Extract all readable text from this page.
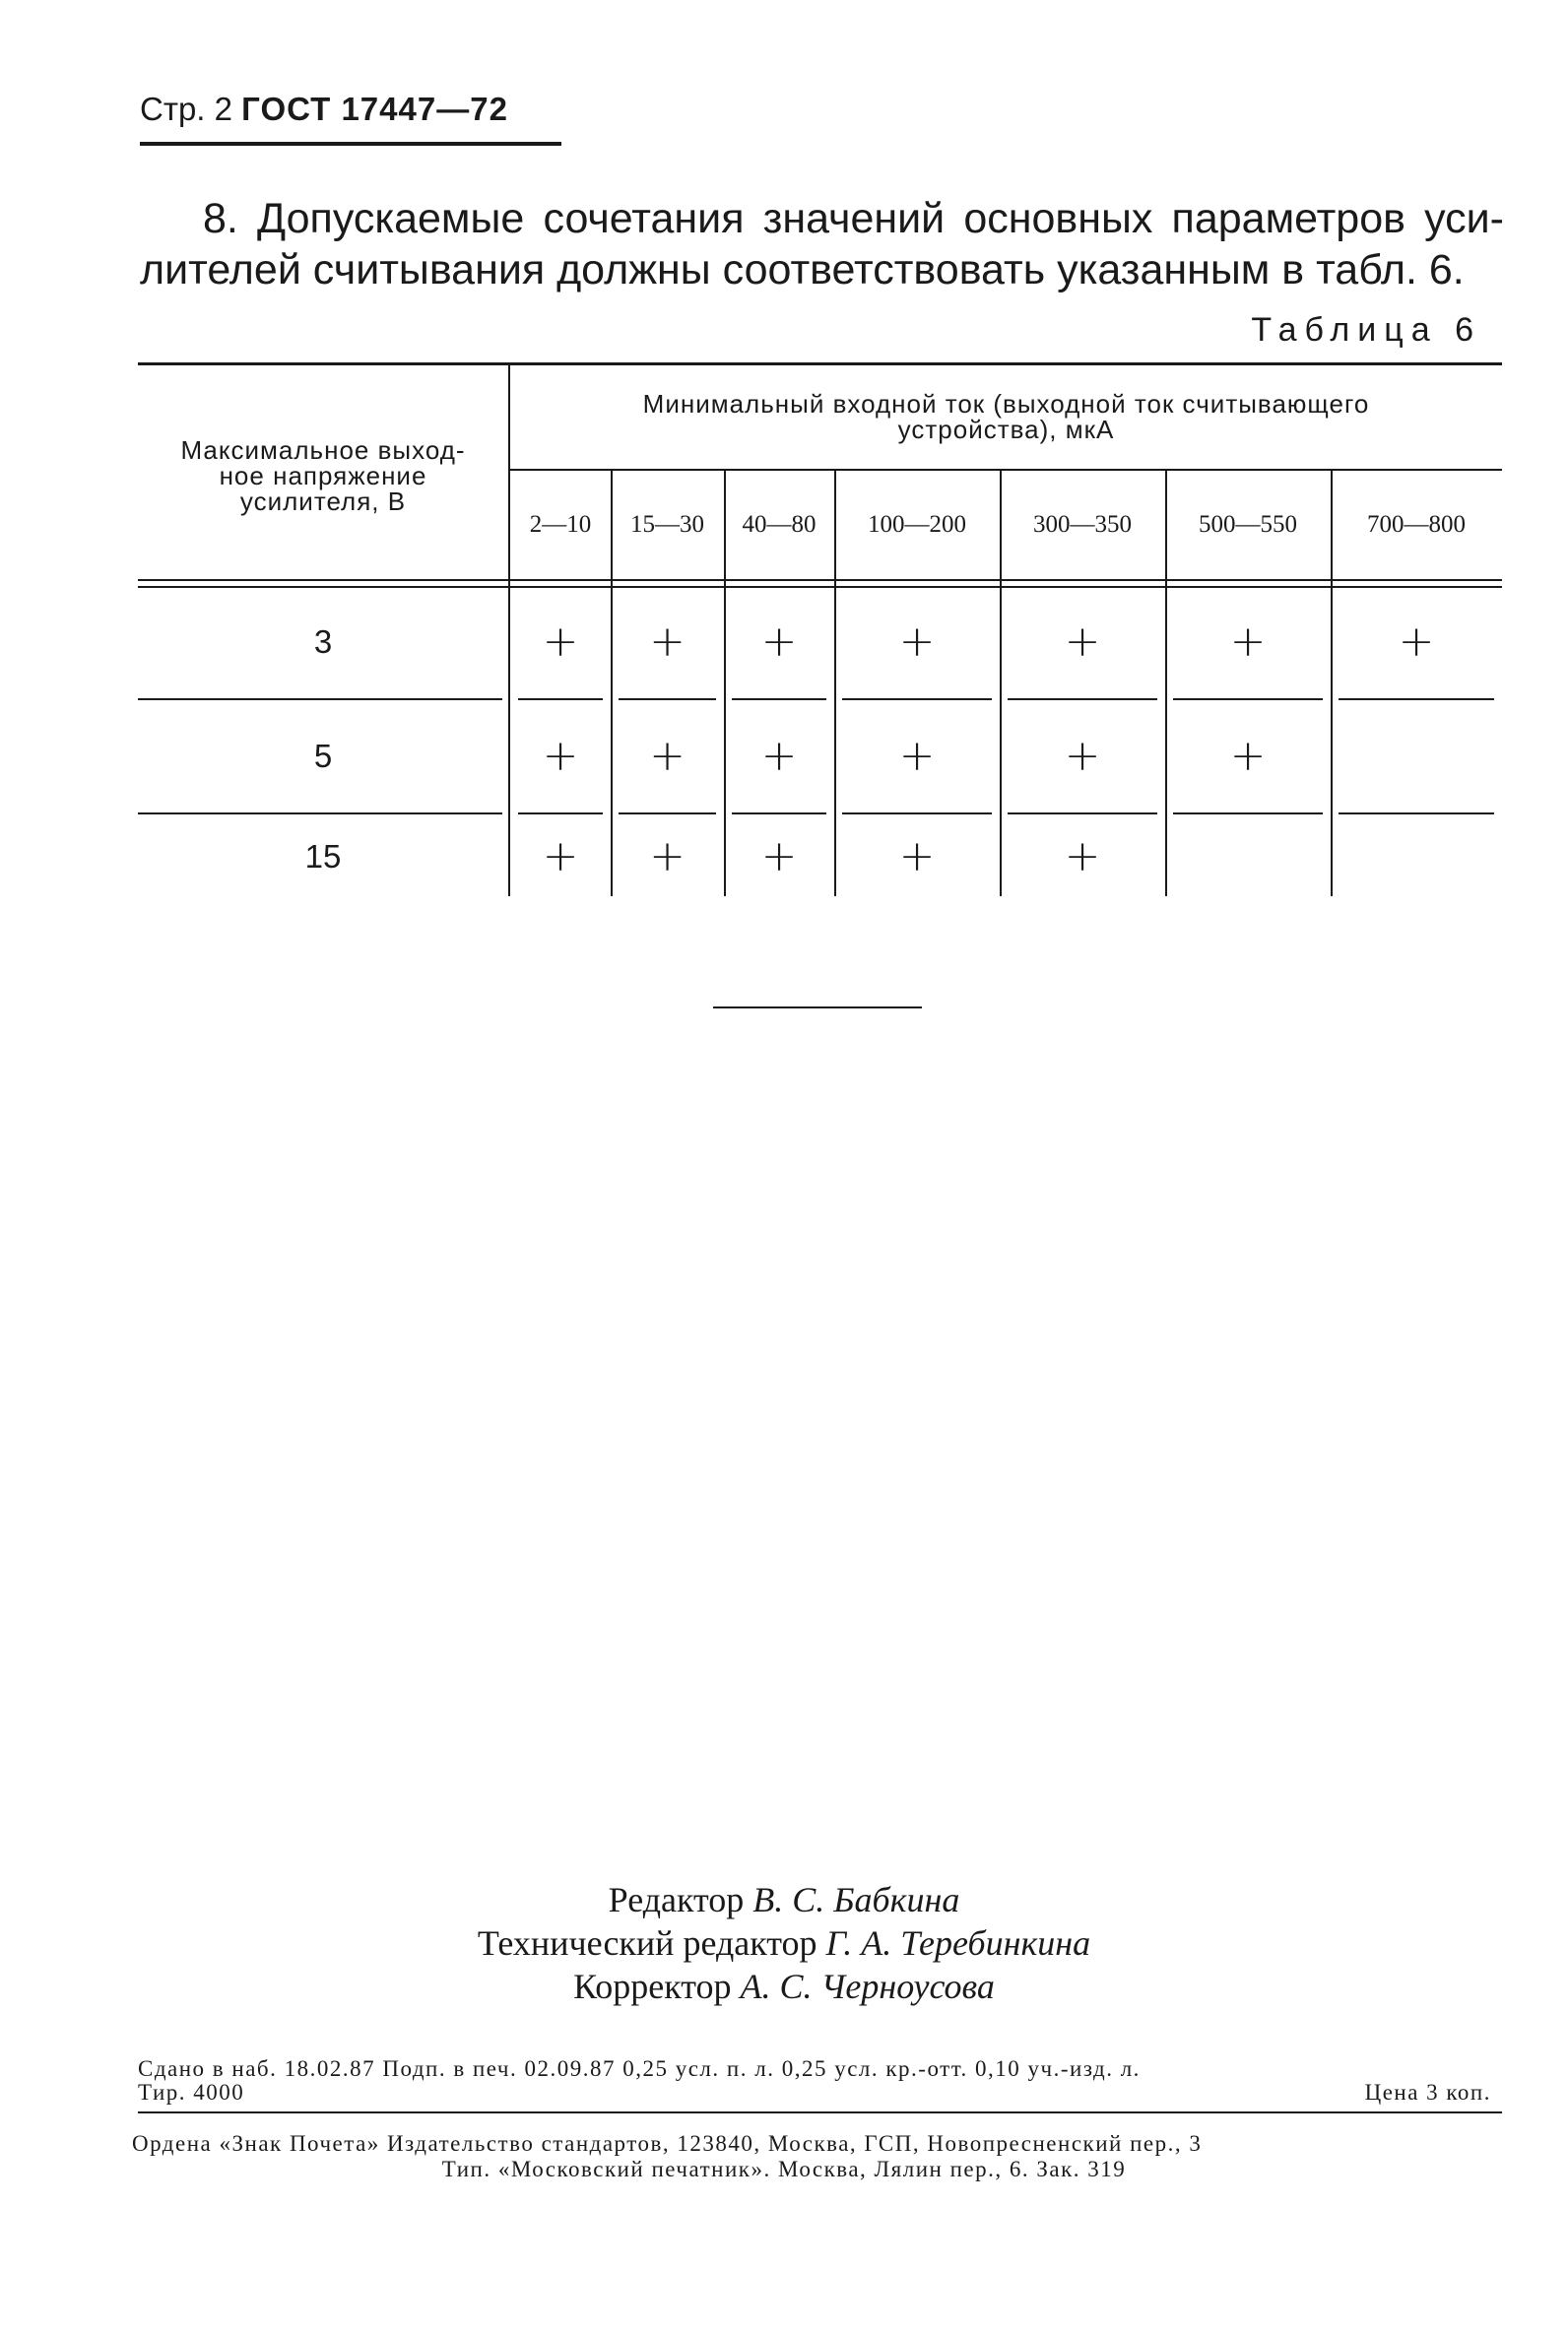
Стр. 2 ГОСТ 17447—72
8. Допускаемые сочетания значений основных параметров уси-
лителей считывания должны соответствовать указанным в табл. 6.
Таблица 6
Максимальное выход-
ное напряжение
усилителя, В
Минимальный входной ток (выходной ток считывающего
устройства), мкА
2—10	15—30	40—80	100—200	300—350	500—550	700—800
3	+	+	+	+	+	+	+
5	+	+	+	+	+	+
15	+	+	+	+	+
Редактор В. С. Бабкина
Технический редактор Г. А. Теребинкина
Корректор А. С. Черноусова
Сдано в наб. 18.02.87 Подп. в печ. 02.09.87 0,25 усл. п. л. 0,25 усл. кр.-отт. 0,10 уч.-изд. л.
Тир. 4000	Цена 3 коп.
Ордена «Знак Почета» Издательство стандартов, 123840, Москва, ГСП, Новопресненский пер., 3
Тип. «Московский печатник». Москва, Лялин пер., 6. Зак. 319
